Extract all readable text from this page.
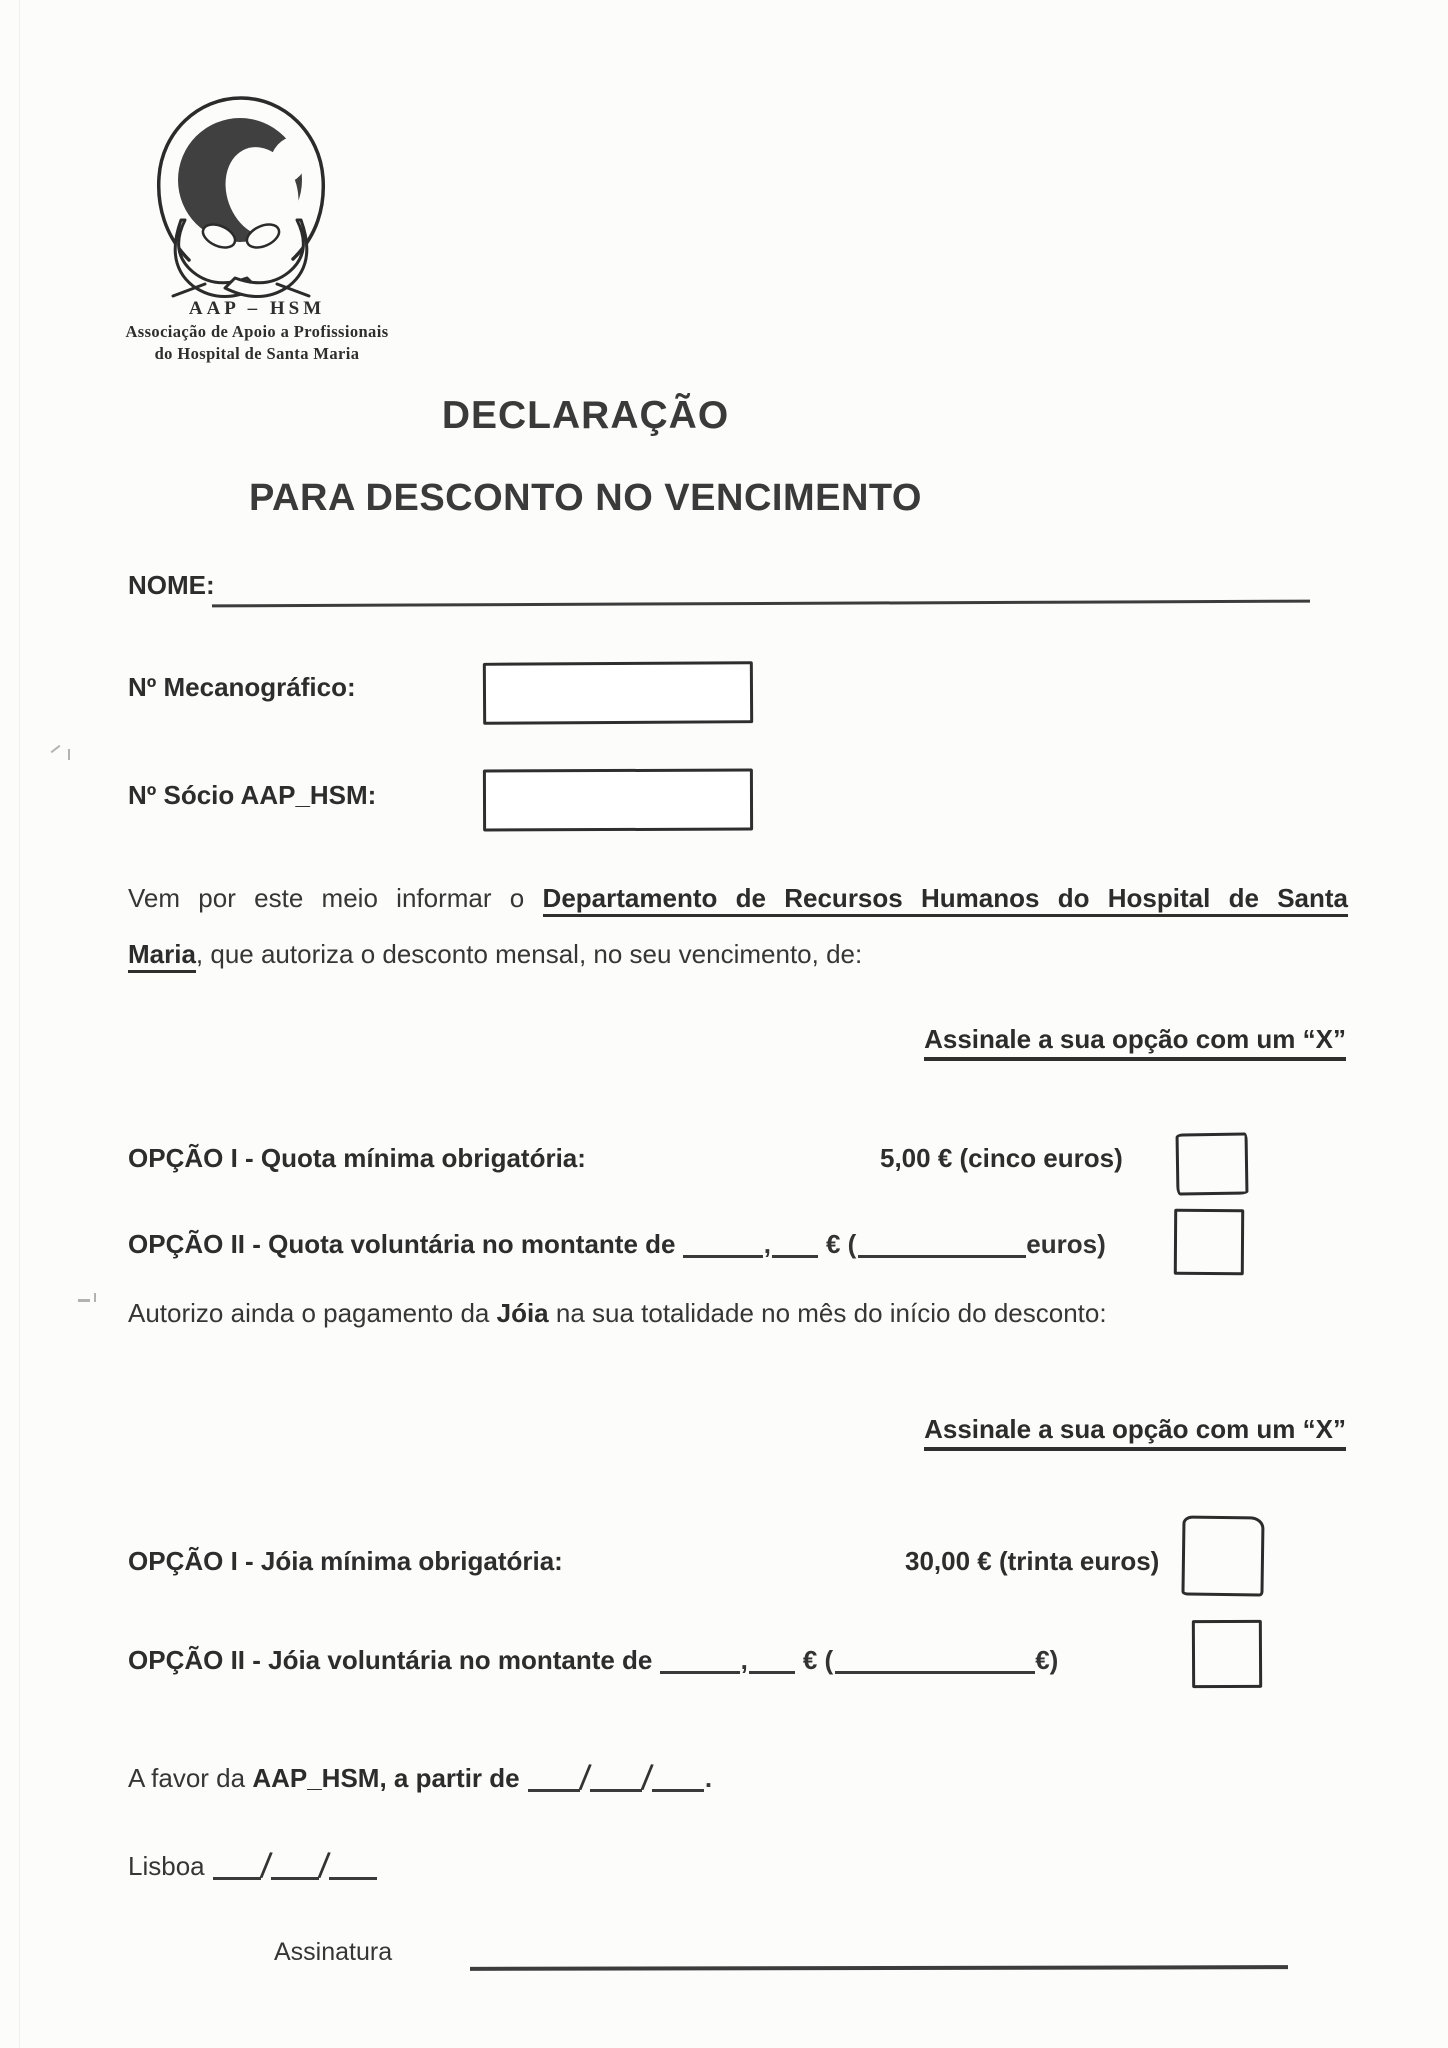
AAP – HSM
Associação de Apoio a Profissionais
do Hospital de Santa Maria
DECLARAÇÃO
PARA DESCONTO NO VENCIMENTO
NOME:
Nº Mecanográfico:
Nº Sócio AAP_HSM:
Vem por este meio informar o Departamento de Recursos Humanos do Hospital de Santa
Maria, que autoriza o desconto mensal, no seu vencimento, de:
Assinale a sua opção com um “X”
OPÇÃO I - Quota mínima obrigatória:	5,00 € (cinco euros)
OPÇÃO II - Quota voluntária no montante de	, € (	euros)
Autorizo ainda o pagamento da Jóia na sua totalidade no mês do início do desconto:
Assinale a sua opção com um “X”
OPÇÃO I - Jóia mínima obrigatória:	30,00 € (trinta euros)
OPÇÃO II - Jóia voluntária no montante de	, € (	€)
A favor da AAP_HSM, a partir de / / .
Lisboa / /
Assinatura
